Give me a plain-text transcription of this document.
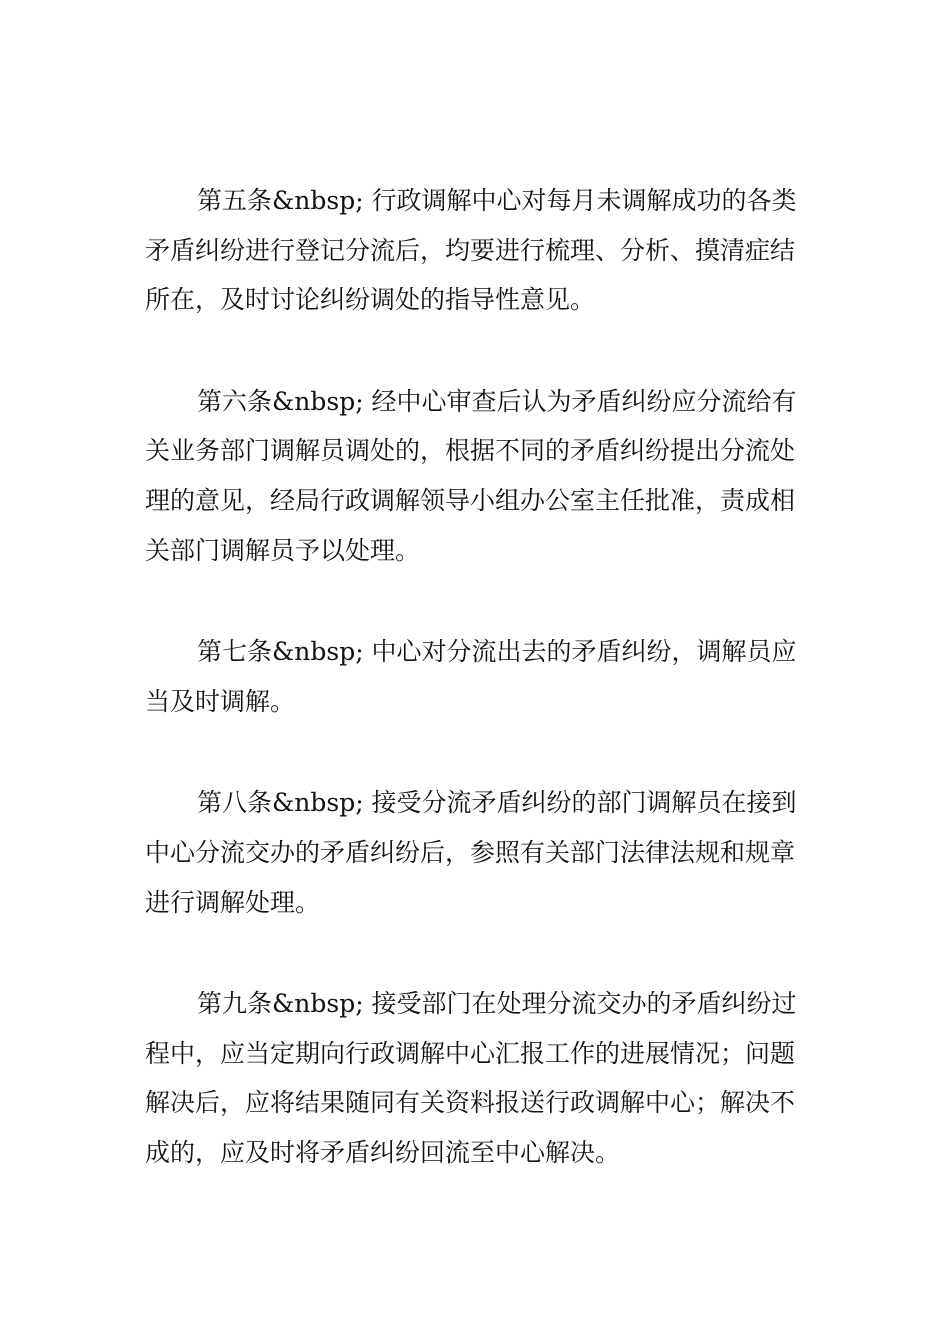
第五条&nbsp; 行政调解中心对每月未调解成功的各类矛盾纠纷进行登记分流后，均要进行梳理、分析、摸清症结所在，及时讨论纠纷调处的指导性意见。

第六条&nbsp; 经中心审查后认为矛盾纠纷应分流给有关业务部门调解员调处的，根据不同的矛盾纠纷提出分流处理的意见，经局行政调解领导小组办公室主任批准，责成相关部门调解员予以处理。

第七条&nbsp; 中心对分流出去的矛盾纠纷，调解员应当及时调解。

第八条&nbsp; 接受分流矛盾纠纷的部门调解员在接到中心分流交办的矛盾纠纷后，参照有关部门法律法规和规章进行调解处理。

第九条&nbsp; 接受部门在处理分流交办的矛盾纠纷过程中，应当定期向行政调解中心汇报工作的进展情况；问题解决后，应将结果随同有关资料报送行政调解中心；解决不成的，应及时将矛盾纠纷回流至中心解决。
